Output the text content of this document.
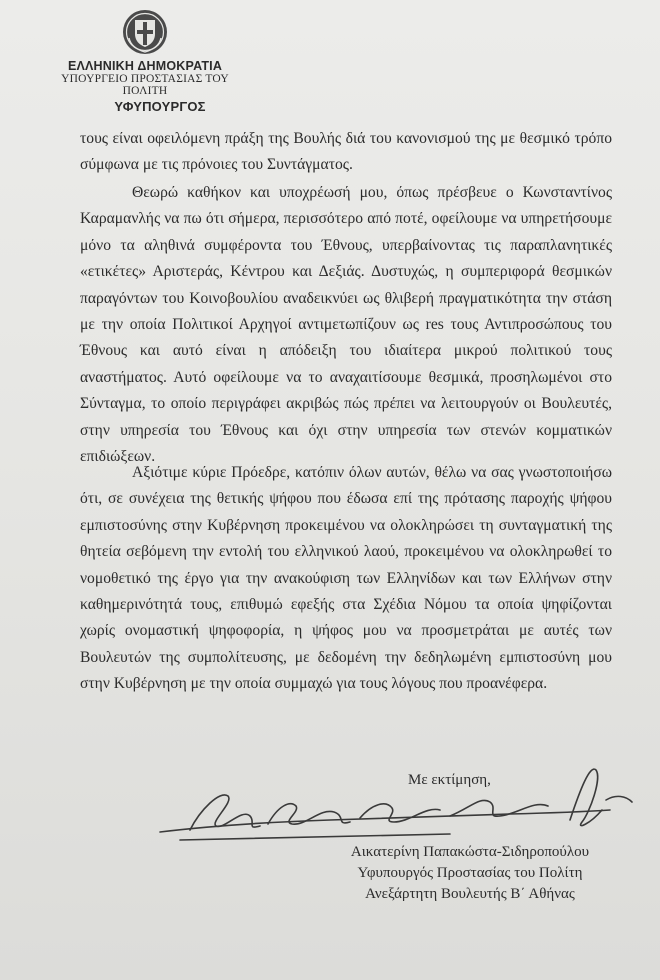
ΕΛΛΗΝΙΚΗ ΔΗΜΟΚΡΑΤΙΑ
ΥΠΟΥΡΓΕΙΟ ΠΡΟΣΤΑΣΙΑΣ ΤΟΥ ΠΟΛΙΤΗ
ΥΦΥΠΟΥΡΓΟΣ
τους είναι οφειλόμενη πράξη της Βουλής διά του κανονισμού της με θεσμικό τρόπο σύμφωνα με τις πρόνοιες του Συντάγματος.
Θεωρώ καθήκον και υποχρέωσή μου, όπως πρέσβευε ο Κωνσταντίνος Καραμανλής να πω ότι σήμερα, περισσότερο από ποτέ, οφείλουμε να υπηρετήσουμε μόνο τα αληθινά συμφέροντα του Έθνους, υπερβαίνοντας τις παραπλανητικές «ετικέτες» Αριστεράς, Κέντρου και Δεξιάς. Δυστυχώς, η συμπεριφορά θεσμικών παραγόντων του Κοινοβουλίου αναδεικνύει ως θλιβερή πραγματικότητα την στάση με την οποία Πολιτικοί Αρχηγοί αντιμετωπίζουν ως res τους Αντιπροσώπους του Έθνους και αυτό είναι η απόδειξη του ιδιαίτερα μικρού πολιτικού τους αναστήματος. Αυτό οφείλουμε να το αναχαιτίσουμε θεσμικά, προσηλωμένοι στο Σύνταγμα, το οποίο περιγράφει ακριβώς πώς πρέπει να λειτουργούν οι Βουλευτές, στην υπηρεσία του Έθνους και όχι στην υπηρεσία των στενών κομματικών επιδιώξεων.
Αξιότιμε κύριε Πρόεδρε, κατόπιν όλων αυτών, θέλω να σας γνωστοποιήσω ότι, σε συνέχεια της θετικής ψήφου που έδωσα επί της πρότασης παροχής ψήφου εμπιστοσύνης στην Κυβέρνηση προκειμένου να ολοκληρώσει τη συνταγματική της θητεία σεβόμενη την εντολή του ελληνικού λαού, προκειμένου να ολοκληρωθεί το νομοθετικό της έργο για την ανακούφιση των Ελληνίδων και των Ελλήνων στην καθημερινότητά τους, επιθυμώ εφεξής στα Σχέδια Νόμου τα οποία ψηφίζονται χωρίς ονομαστική ψηφοφορία, η ψήφος μου να προσμετράται με αυτές των Βουλευτών της συμπολίτευσης, με δεδομένη την δεδηλωμένη εμπιστοσύνη μου στην Κυβέρνηση με την οποία συμμαχώ για τους λόγους που προανέφερα.
Με εκτίμηση,
Αικατερίνη Παπακώστα-Σιδηροπούλου
Υφυπουργός Προστασίας του Πολίτη
Ανεξάρτητη Βουλευτής Β΄ Αθήνας
